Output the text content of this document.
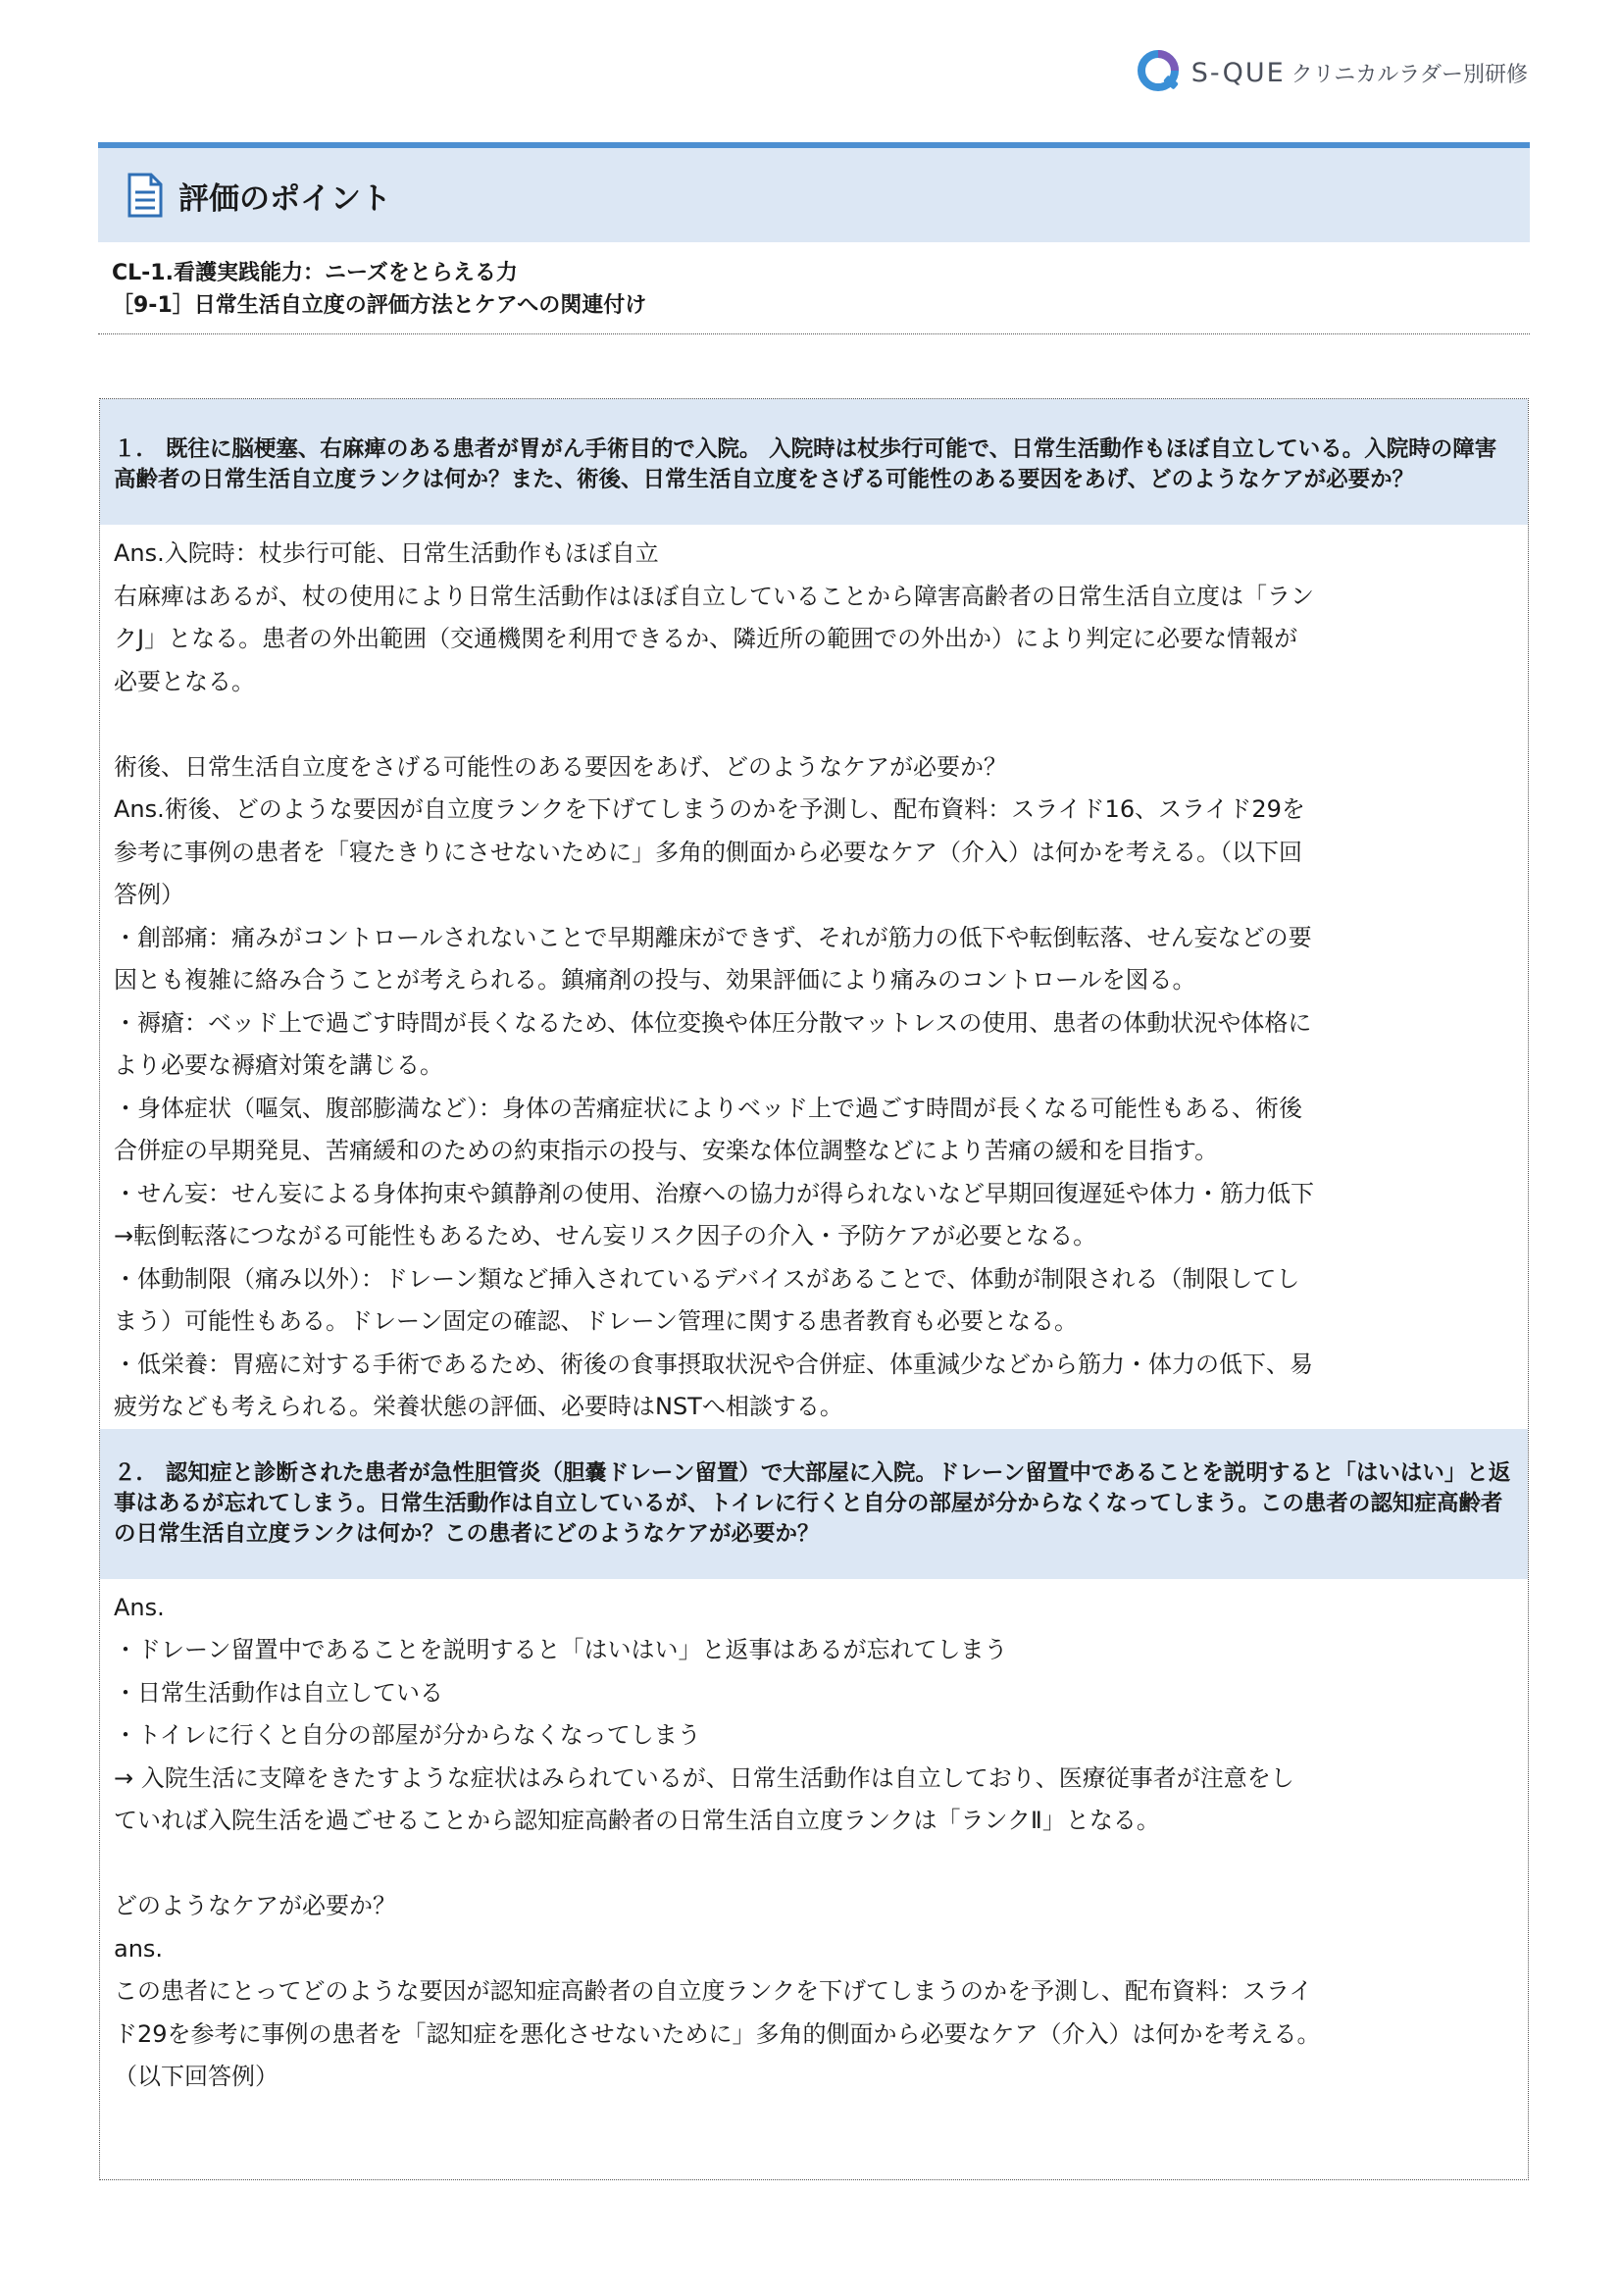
S-QUE クリニカルラダー別研修
評価のポイント
CL-1.看護実践能力：ニーズをとらえる力
［9-1］日常生活自立度の評価方法とケアへの関連付け
１． 既往に脳梗塞、右麻痺のある患者が胃がん手術目的で入院。 入院時は杖歩行可能で、日常生活動作もほぼ自立している。入院時の障害高齢者の日常生活自立度ランクは何か？また、術後、日常生活自立度をさげる可能性のある要因をあげ、どのようなケアが必要か？
Ans.入院時：杖歩行可能、日常生活動作もほぼ自立
右麻痺はあるが、杖の使用により日常生活動作はほぼ自立していることから障害高齢者の日常生活自立度は「ラン
クJ」となる。患者の外出範囲（交通機関を利用できるか、隣近所の範囲での外出か）により判定に必要な情報が
必要となる。
術後、日常生活自立度をさげる可能性のある要因をあげ、どのようなケアが必要か？
Ans.術後、どのような要因が自立度ランクを下げてしまうのかを予測し、配布資料：スライド16、スライド29を
参考に事例の患者を「寝たきりにさせないために」多角的側面から必要なケア（介入）は何かを考える。（以下回
答例）
・創部痛：痛みがコントロールされないことで早期離床ができず、それが筋力の低下や転倒転落、せん妄などの要
因とも複雑に絡み合うことが考えられる。鎮痛剤の投与、効果評価により痛みのコントロールを図る。
・褥瘡：ベッド上で過ごす時間が長くなるため、体位変換や体圧分散マットレスの使用、患者の体動状況や体格に
より必要な褥瘡対策を講じる。
・身体症状（嘔気、腹部膨満など）：身体の苦痛症状によりベッド上で過ごす時間が長くなる可能性もある、術後
合併症の早期発見、苦痛緩和のための約束指示の投与、安楽な体位調整などにより苦痛の緩和を目指す。
・せん妄：せん妄による身体拘束や鎮静剤の使用、治療への協力が得られないなど早期回復遅延や体力・筋力低下
→転倒転落につながる可能性もあるため、せん妄リスク因子の介入・予防ケアが必要となる。
・体動制限（痛み以外）：ドレーン類など挿入されているデバイスがあることで、体動が制限される（制限してし
まう）可能性もある。ドレーン固定の確認、ドレーン管理に関する患者教育も必要となる。
・低栄養：胃癌に対する手術であるため、術後の食事摂取状況や合併症、体重減少などから筋力・体力の低下、易
疲労なども考えられる。栄養状態の評価、必要時はNSTへ相談する。
２． 認知症と診断された患者が急性胆管炎（胆嚢ドレーン留置）で大部屋に入院。ドレーン留置中であることを説明すると「はいはい」と返事はあるが忘れてしまう。日常生活動作は自立しているが、トイレに行くと自分の部屋が分からなくなってしまう。この患者の認知症高齢者の日常生活自立度ランクは何か？この患者にどのようなケアが必要か？
Ans.
・ドレーン留置中であることを説明すると「はいはい」と返事はあるが忘れてしまう
・日常生活動作は自立している
・トイレに行くと自分の部屋が分からなくなってしまう
→ 入院生活に支障をきたすような症状はみられているが、日常生活動作は自立しており、医療従事者が注意をし
ていれば入院生活を過ごせることから認知症高齢者の日常生活自立度ランクは「ランクⅡ」となる。
どのようなケアが必要か？
ans.
この患者にとってどのような要因が認知症高齢者の自立度ランクを下げてしまうのかを予測し、配布資料：スライ
ド29を参考に事例の患者を「認知症を悪化させないために」多角的側面から必要なケア（介入）は何かを考える。
（以下回答例）
